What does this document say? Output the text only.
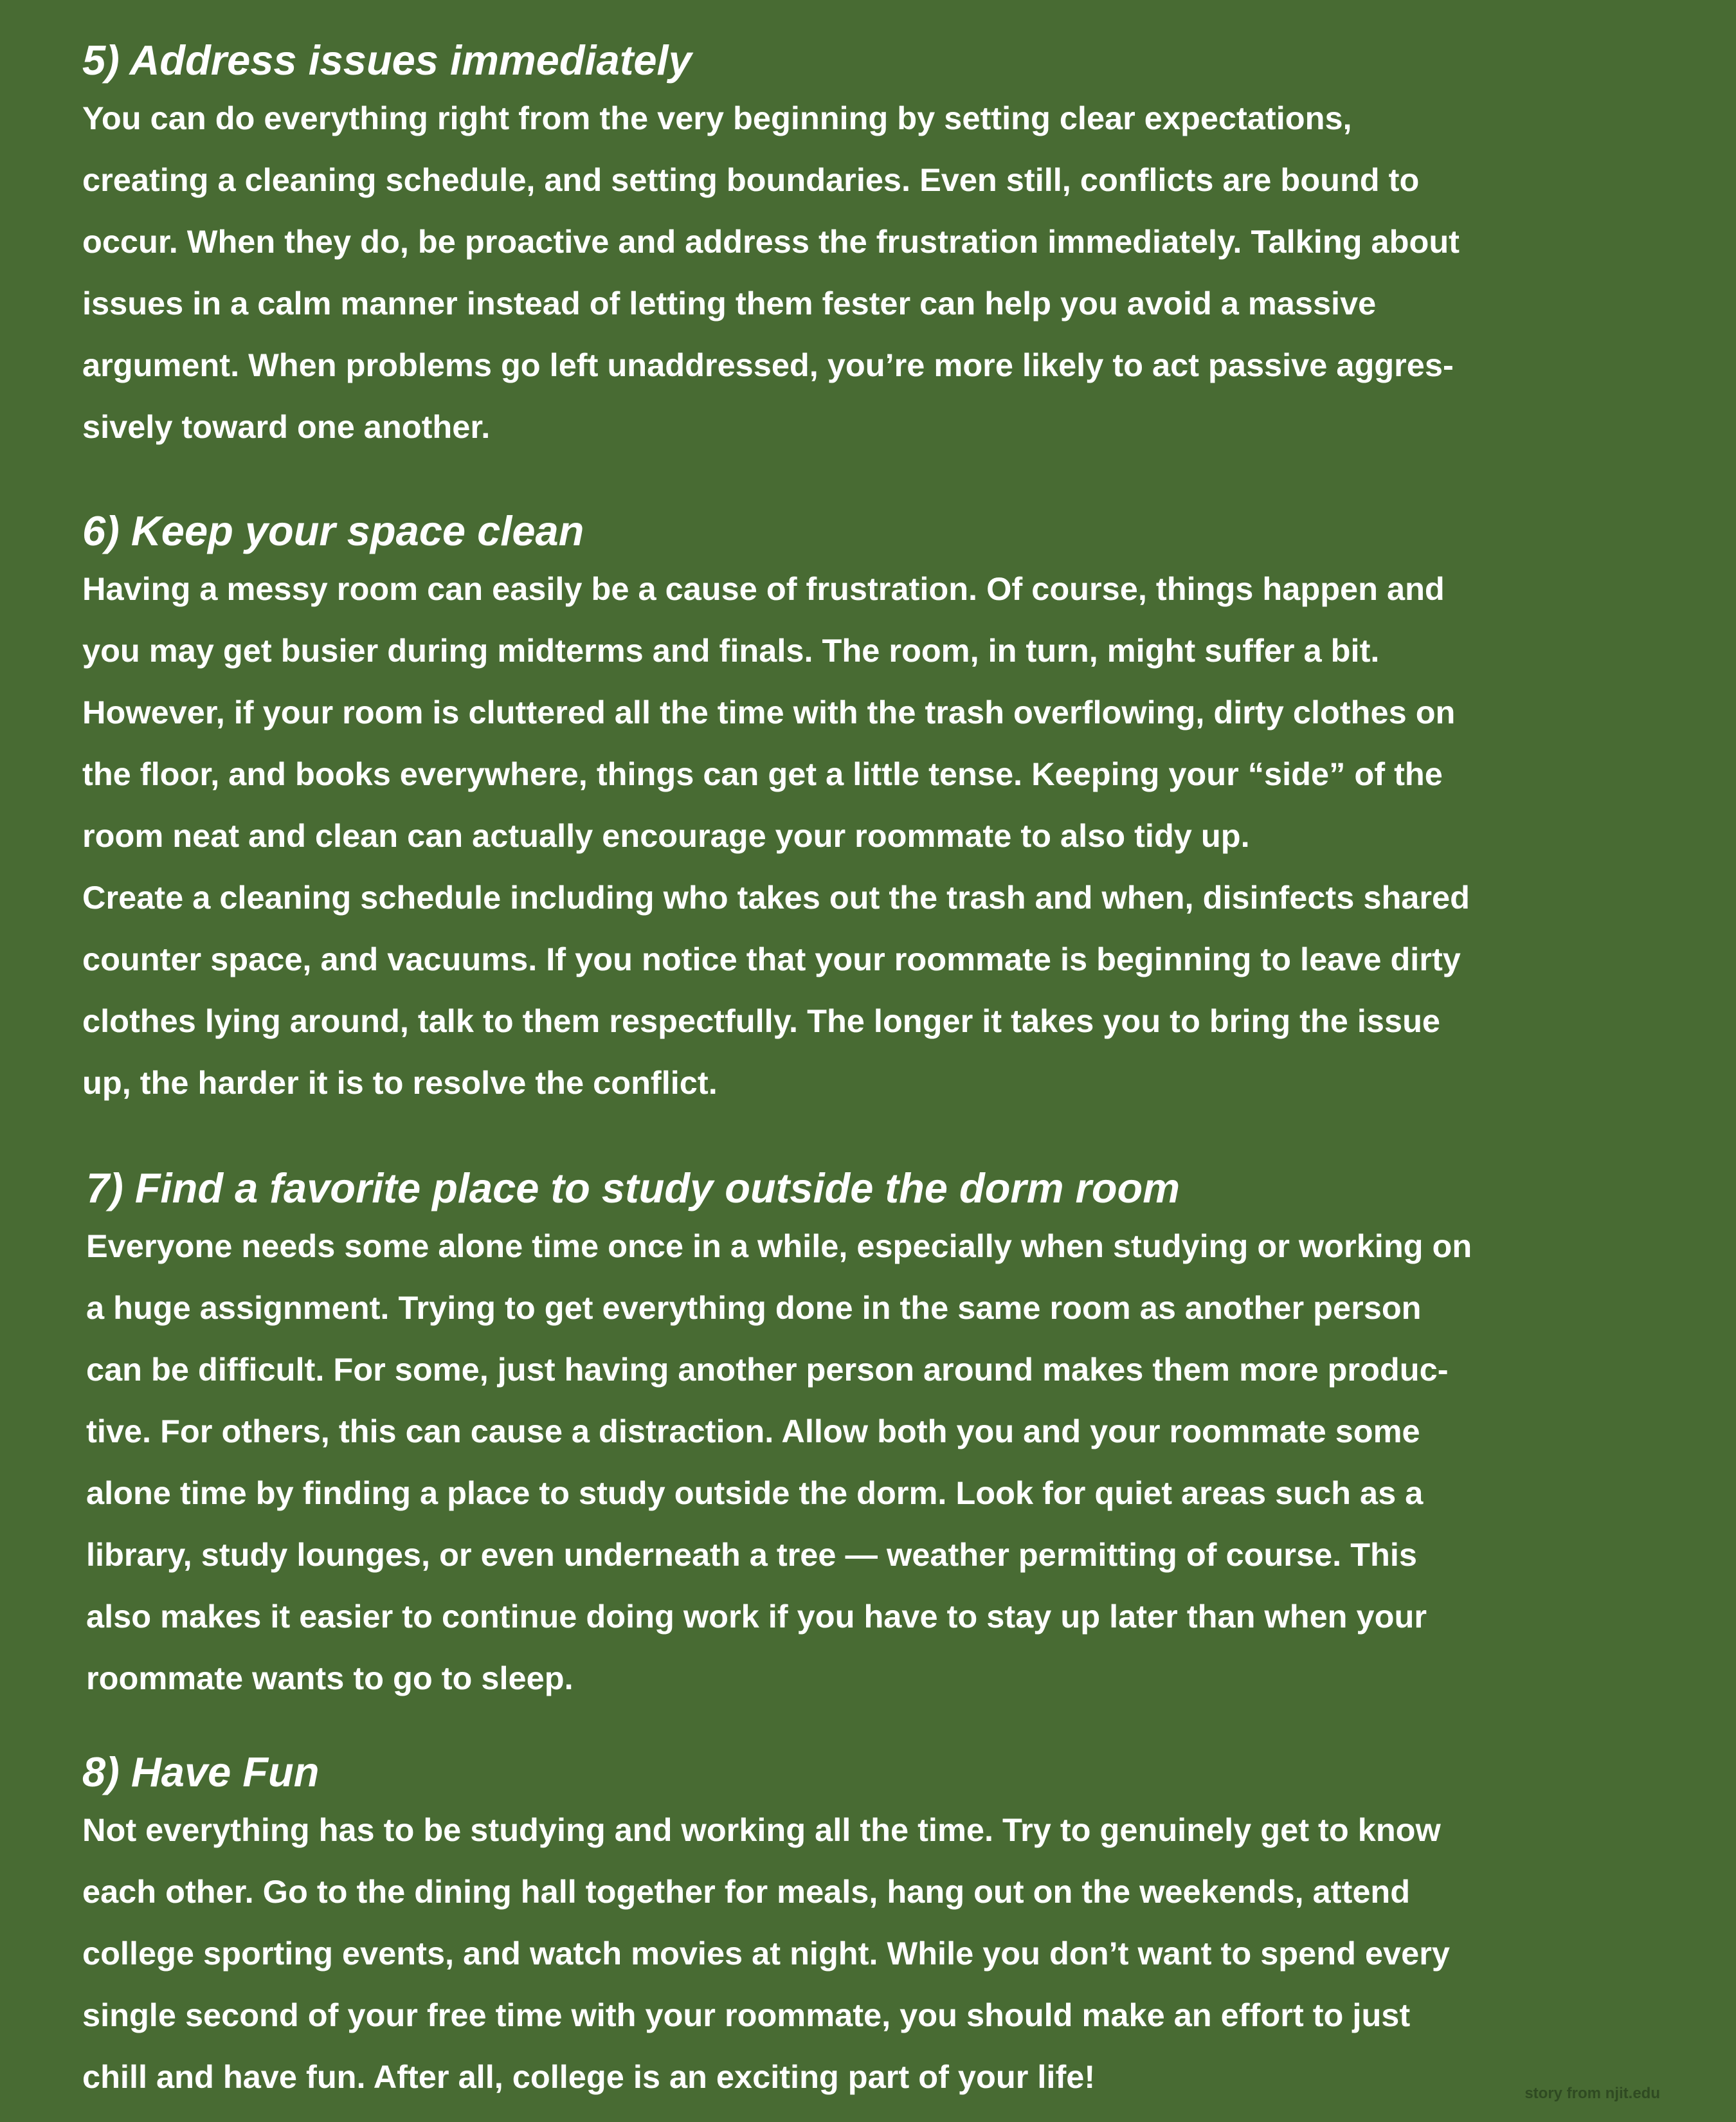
5) Address issues immediately

You can do everything right from the very beginning by setting clear expectations,
creating a cleaning schedule, and setting boundaries. Even still, conflicts are bound to
occur. When they do, be proactive and address the frustration immediately. Talking about
issues in a calm manner instead of letting them fester can help you avoid a massive
argument. When problems go left unaddressed, you’re more likely to act passive aggres-
sively toward one another.

6) Keep your space clean

Having a messy room can easily be a cause of frustration. Of course, things happen and
you may get busier during midterms and finals. The room, in turn, might suffer a bit.
However, if your room is cluttered all the time with the trash overflowing, dirty clothes on
the floor, and books everywhere, things can get a little tense. Keeping your “side” of the
room neat and clean can actually encourage your roommate to also tidy up.
Create a cleaning schedule including who takes out the trash and when, disinfects shared
counter space, and vacuums. If you notice that your roommate is beginning to leave dirty
clothes lying around, talk to them respectfully. The longer it takes you to bring the issue
up, the harder it is to resolve the conflict.

7) Find a favorite place to study outside the dorm room

Everyone needs some alone time once in a while, especially when studying or working on
a huge assignment. Trying to get everything done in the same room as another person
can be difficult. For some, just having another person around makes them more produc-
tive. For others, this can cause a distraction. Allow both you and your roommate some
alone time by finding a place to study outside the dorm. Look for quiet areas such as a
library, study lounges, or even underneath a tree — weather permitting of course. This
also makes it easier to continue doing work if you have to stay up later than when your
roommate wants to go to sleep.

8) Have Fun

Not everything has to be studying and working all the time. Try to genuinely get to know
each other. Go to the dining hall together for meals, hang out on the weekends, attend
college sporting events, and watch movies at night. While you don’t want to spend every
single second of your free time with your roommate, you should make an effort to just
chill and have fun. After all, college is an exciting part of your life!	story from njit.edu
